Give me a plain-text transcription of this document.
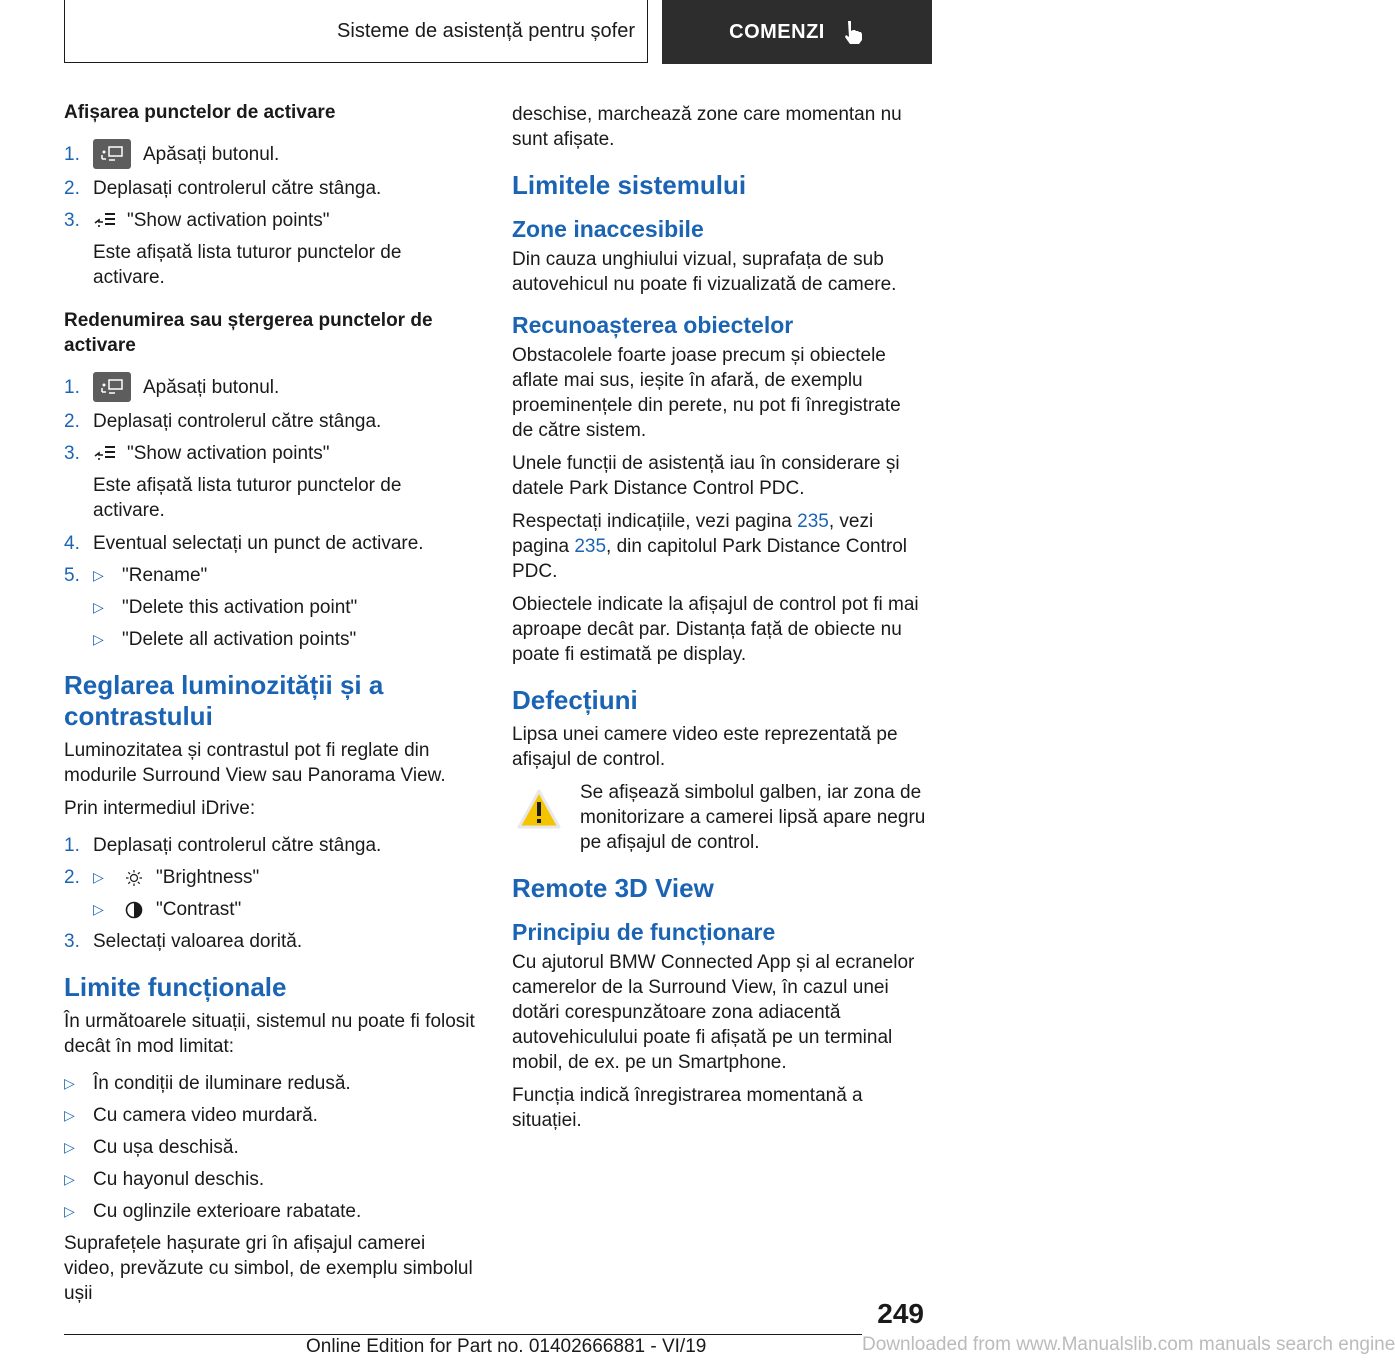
Sisteme de asistență pentru șofer	COMENZI

Afișarea punctelor de activare

1.	Apăsați butonul.
2. Deplasați controlerul către stânga.
3.	"Show activation points"

Este afișată lista tuturor punctelor de activare.

Redenumirea sau ștergerea punctelor de activare

1.	Apăsați butonul.
2. Deplasați controlerul către stânga.
3.	"Show activation points"

Este afișată lista tuturor punctelor de activare.

4. Eventual selectați un punct de activare.
5. ▷ "Rename"
▷ "Delete this activation point"
▷ "Delete all activation points"
Reglarea luminozității și a contrastului

Luminozitatea și contrastul pot fi reglate din modurile Surround View sau Panorama View.

Prin intermediul iDrive:

1. Deplasați controlerul către stânga.
2. ▷	"Brightness"
▷	"Contrast"
3. Selectați valoarea dorită.
Limite funcționale

În următoarele situații, sistemul nu poate fi folosit decât în mod limitat:

▷ În condiții de iluminare redusă.
▷ Cu camera video murdară.
▷ Cu ușa deschisă.
▷ Cu hayonul deschis.
▷ Cu oglinzile exterioare rabatate.

Suprafețele hașurate gri în afișajul camerei video, prevăzute cu simbol, de exemplu simbolul ușii

deschise, marchează zone care momentan nu sunt afișate.

Limitele sistemului
Zone inaccesibile

Din cauza unghiului vizual, suprafața de sub autovehicul nu poate fi vizualizată de camere.

Recunoașterea obiectelor

Obstacolele foarte joase precum și obiectele aflate mai sus, ieșite în afară, de exemplu proeminențele din perete, nu pot fi înregistrate de către sistem.

Unele funcții de asistență iau în considerare și datele Park Distance Control PDC.

Respectați indicațiile, vezi pagina 235, vezi pagina 235, din capitolul Park Distance Control PDC.

Obiectele indicate la afișajul de control pot fi mai aproape decât par. Distanța față de obiecte nu poate fi estimată pe display.

Defecțiuni

Lipsa unei camere video este reprezentată pe afișajul de control.

Se afișează simbolul galben, iar zona de monitorizare a camerei lipsă apare negru pe afișajul de control.

Remote 3D View
Principiu de funcționare

Cu ajutorul BMW Connected App și al ecranelor camerelor de la Surround View, în cazul unei dotări corespunzătoare zona adiacentă autovehiculului poate fi afișată pe un terminal mobil, de ex. pe un Smartphone.

Funcția indică înregistrarea momentană a situației.

249
Online Edition for Part no. 01402666881 - VI/19	Downloaded from www.Manualslib.com manuals search engine
